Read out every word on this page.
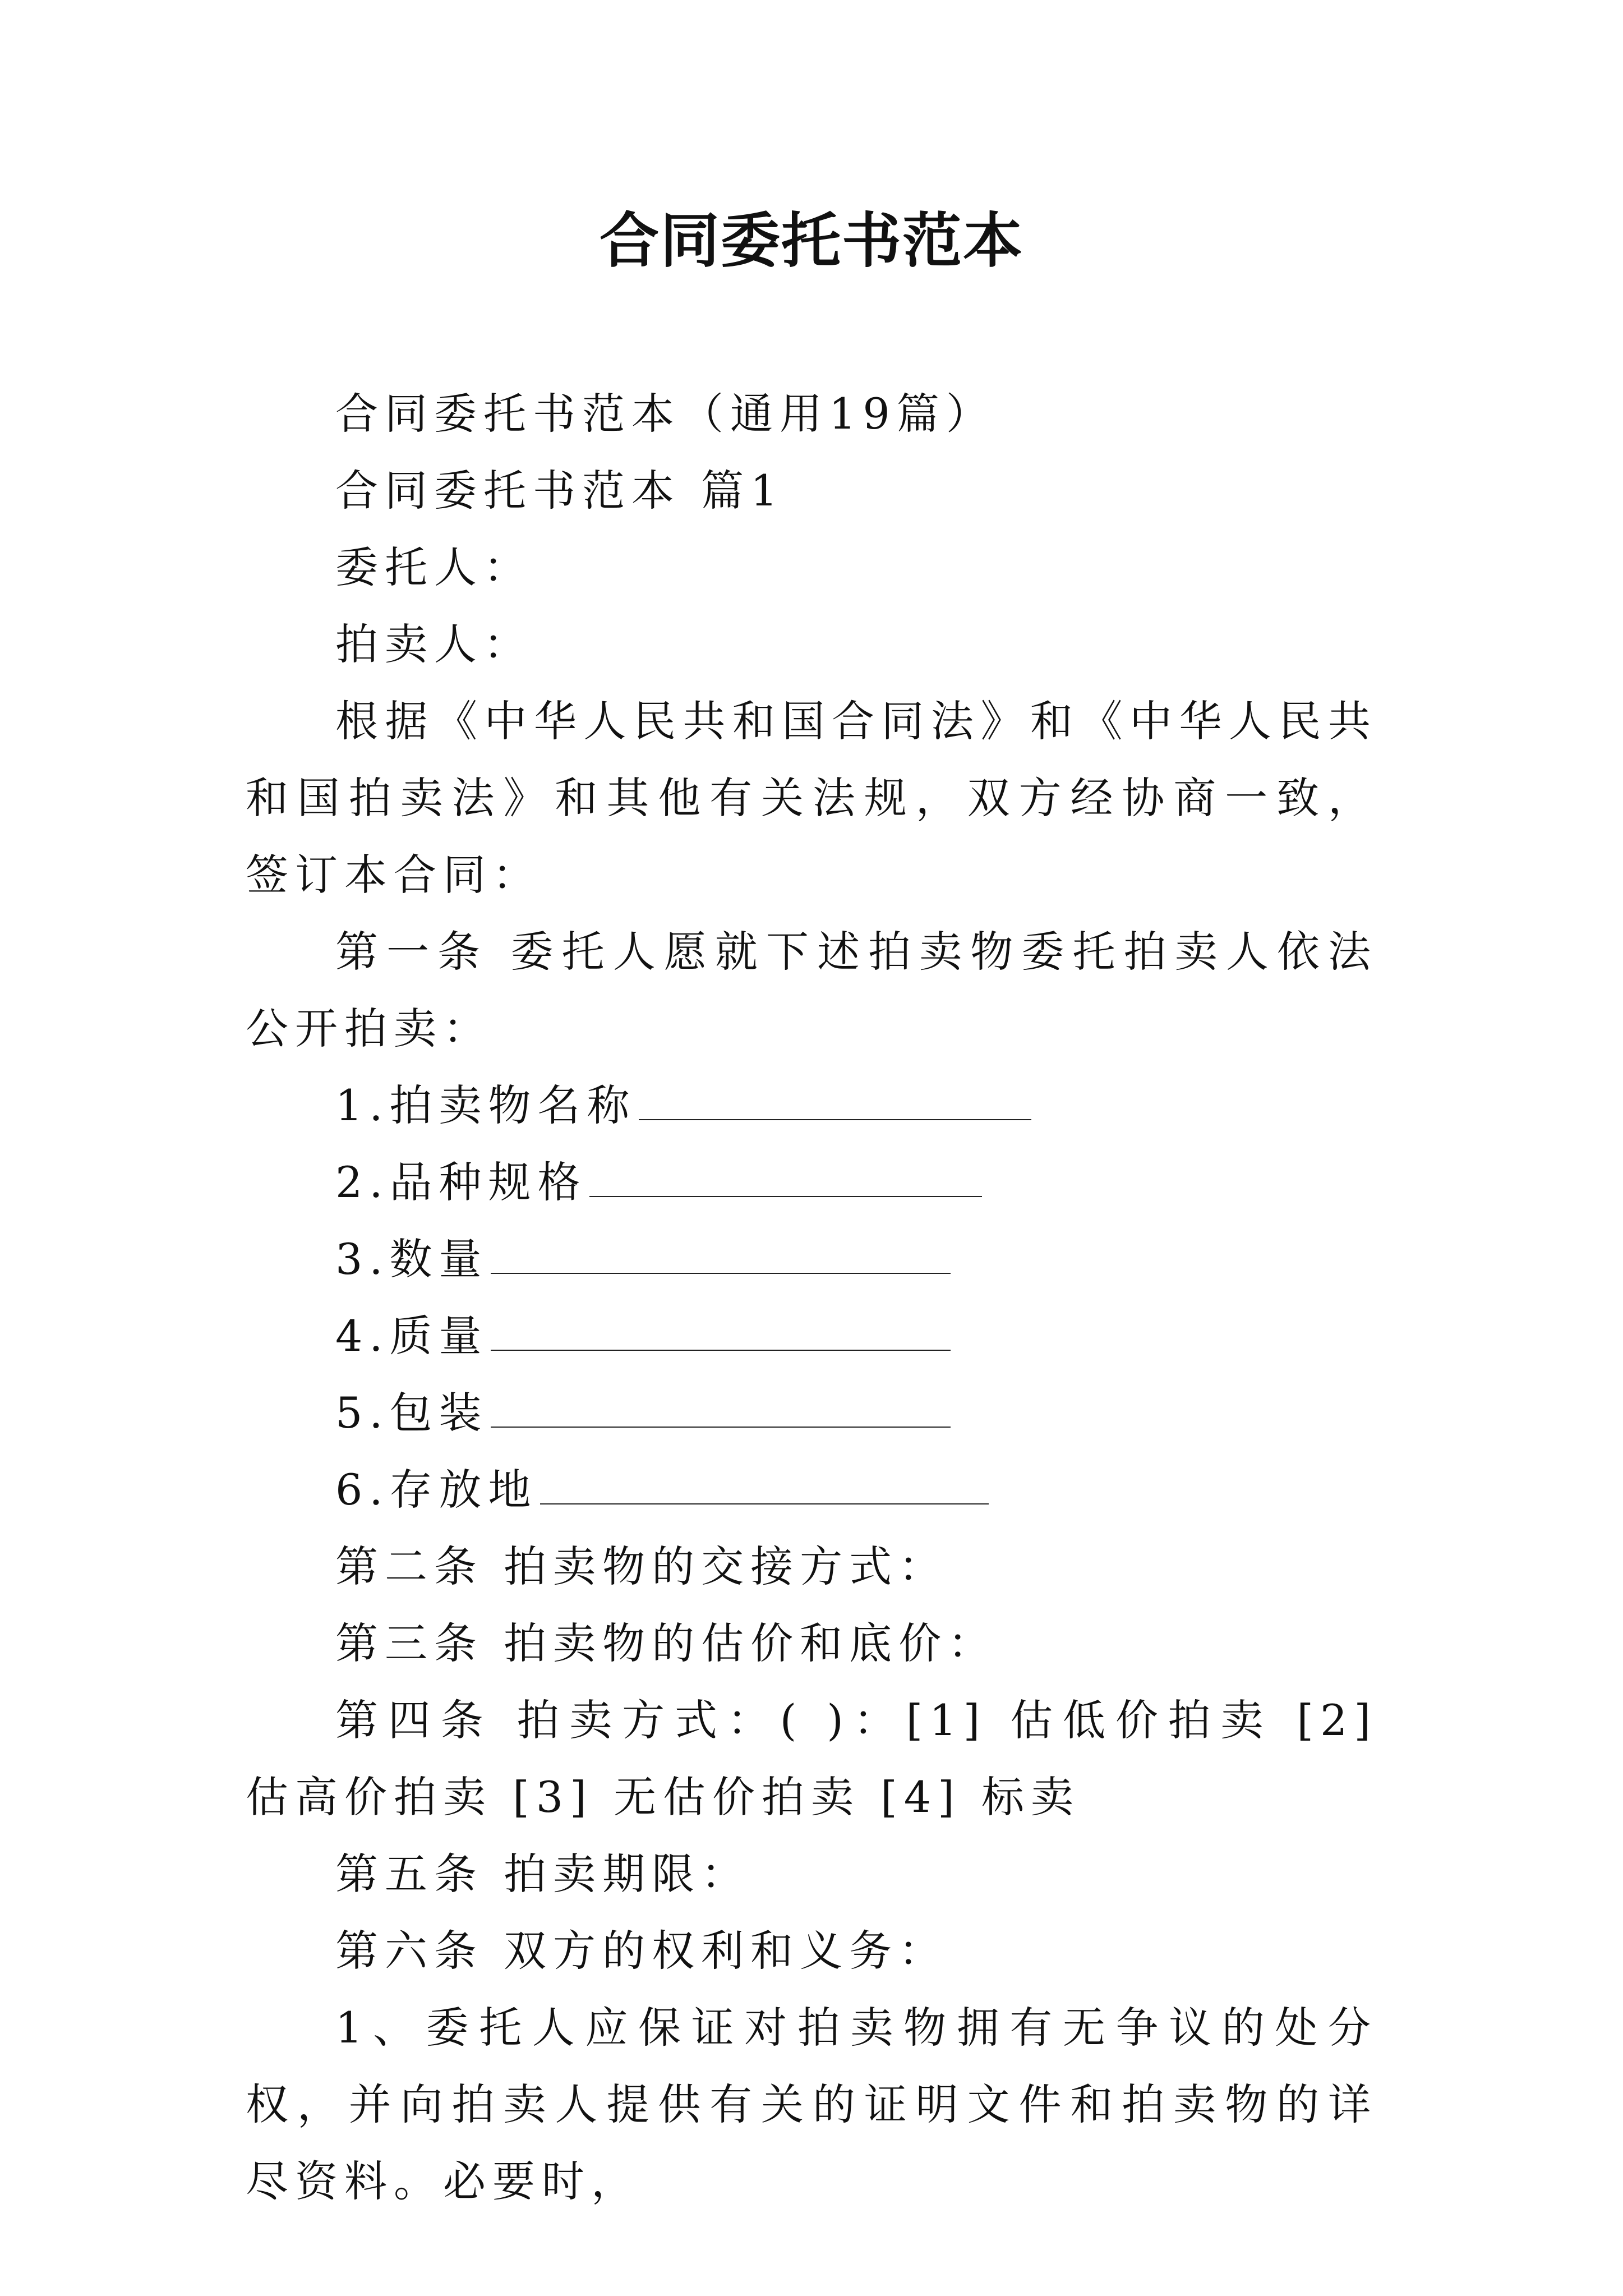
合同委托书范本

合同委托书范本（通用19篇）

合同委托书范本 篇1

委托人：

拍卖人：

根据《中华人民共和国合同法》和《中华人民共和国拍卖法》和其他有关法规，双方经协商一致，签订本合同：

第一条 委托人愿就下述拍卖物委托拍卖人依法公开拍卖：

1.拍卖物名称

2.品种规格

3.数量

4.质量

5.包装

6.存放地

第二条 拍卖物的交接方式：

第三条 拍卖物的估价和底价：

第四条 拍卖方式：( )：[1] 估低价拍卖 [2] 估高价拍卖 [3] 无估价拍卖 [4] 标卖

第五条 拍卖期限：

第六条 双方的权利和义务：

1、委托人应保证对拍卖物拥有无争议的处分权，并向拍卖人提供有关的证明文件和拍卖物的详尽资料。必要时，
